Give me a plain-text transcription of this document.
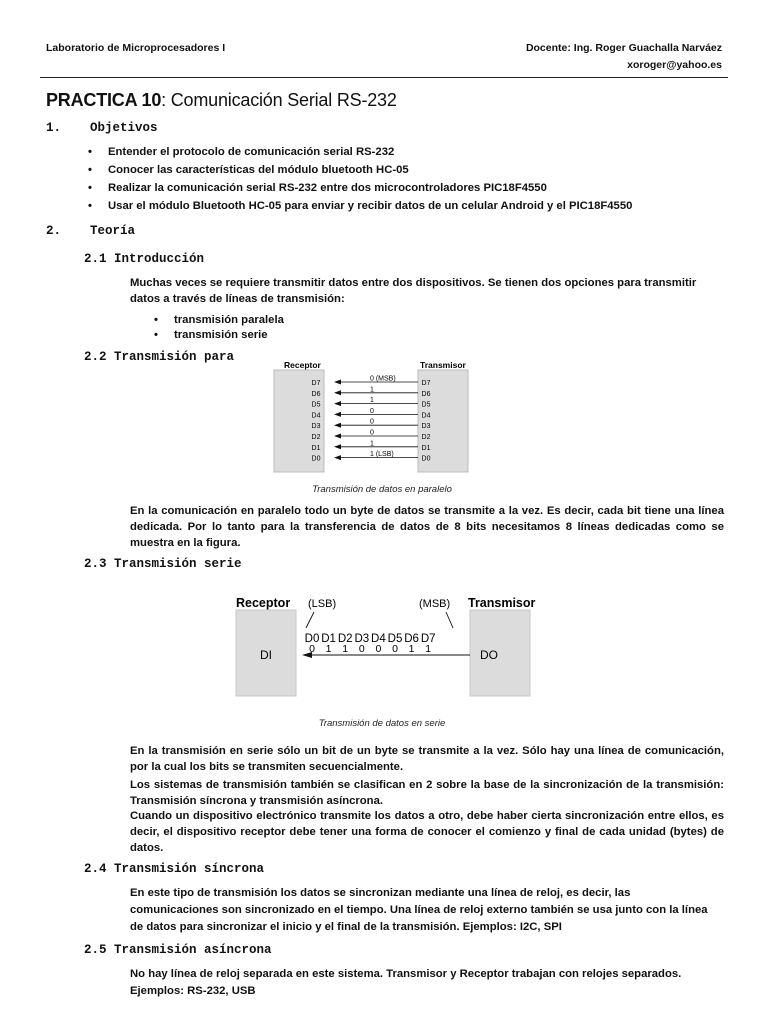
Laboratorio de Microprocesadores I	Docente: Ing. Roger Guachalla Narváez
xoroger@yahoo.es
PRACTICA 10: Comunicación Serial RS-232
1. Objetivos
• Entender el protocolo de comunicación serial RS-232
• Conocer las características del módulo bluetooth HC-05
• Realizar la comunicación serial RS-232 entre dos microcontroladores PIC18F4550
• Usar el módulo Bluetooth HC-05 para enviar y recibir datos de un celular Android y el PIC18F4550
2. Teoría
2.1 Introducción
Muchas veces se requiere transmitir datos entre dos dispositivos. Se tienen dos opciones para transmitir datos a través de líneas de transmisión:
• transmisión paralela
• transmisión serie
2.2 Transmisión para
Receptor	Transmisor
D7	D7
0 (MSB)
D6	D6
1
D5	D5
1
D4	D4
0
D3	D3
0
D2	D2
0
D1	D1
1
D0	D0
1 (LSB)
Transmisión de datos en paralelo
En la comunicación en paralelo todo un byte de datos se transmite a la vez. Es decir, cada bit tiene una línea dedicada. Por lo tanto para la transferencia de datos de 8 bits necesitamos 8 líneas dedicadas como se muestra en la figura.
2.3 Transmisión serie
Receptor	Transmisor
(LSB)	(MSB)
DI	DO
D0
0
D1
1
D2
1
D3
0
D4
0
D5
0
D6
1
D7
1
Transmisión de datos en serie
En la transmisión en serie sólo un bit de un byte se transmite a la vez. Sólo hay una línea de comunicación, por la cual los bits se transmiten secuencialmente.
Los sistemas de transmisión también se clasifican en 2 sobre la base de la sincronización de la transmisión: Transmisión síncrona y transmisión asíncrona.
Cuando un dispositivo electrónico transmite los datos a otro, debe haber cierta sincronización entre ellos, es decir, el dispositivo receptor debe tener una forma de conocer el comienzo y final de cada unidad (bytes) de datos.
2.4 Transmisión síncrona
En este tipo de transmisión los datos se sincronizan mediante una línea de reloj, es decir, las comunicaciones son sincronizado en el tiempo. Una línea de reloj externo también se usa junto con la línea de datos para sincronizar el inicio y el final de la transmisión. Ejemplos: I2C, SPI
2.5 Transmisión asíncrona
No hay línea de reloj separada en este sistema. Transmisor y Receptor trabajan con relojes separados. Ejemplos: RS-232, USB
